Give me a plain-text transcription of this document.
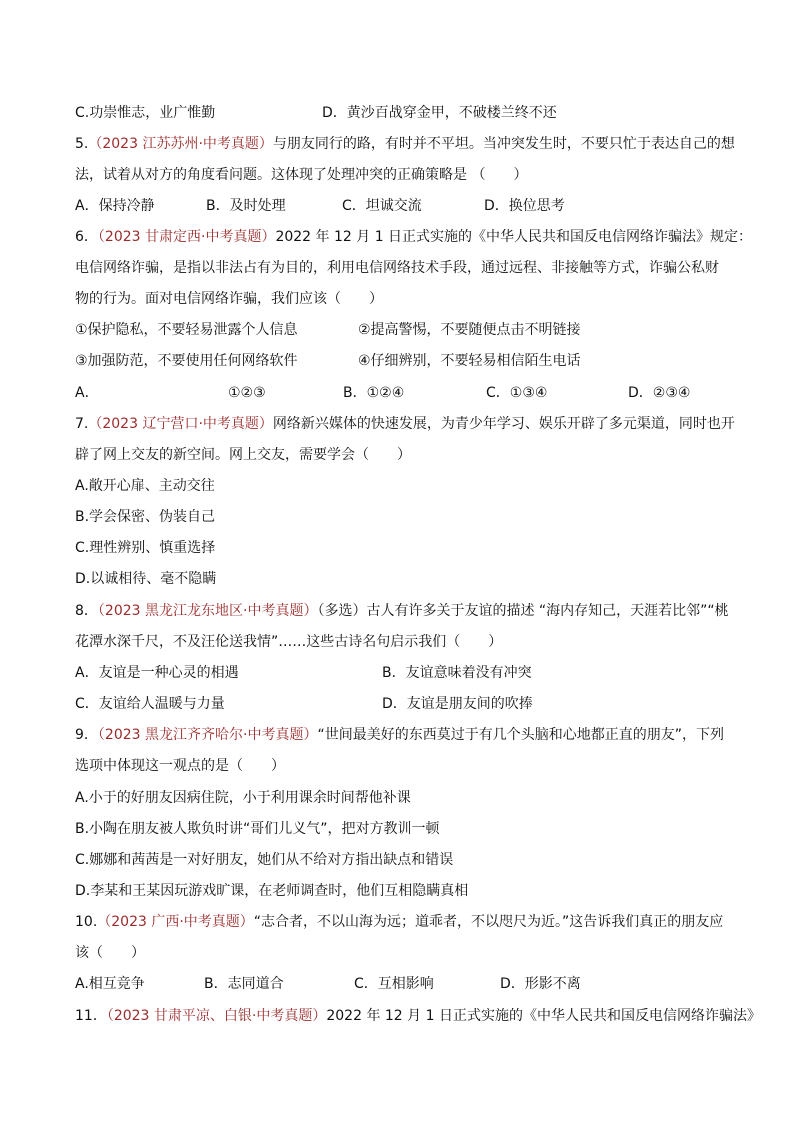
C.功崇惟志，业广惟勤	D．黄沙百战穿金甲，不破楼兰终不还
5.（2023 江苏苏州·中考真题）与朋友同行的路，有时并不平坦。当冲突发生时，不要只忙于表达自己的想
法，试着从对方的角度看问题。这体现了处理冲突的正确策略是 （　　）
A．保持冷静	B．及时处理	C．坦诚交流	D．换位思考
6．（2023 甘肃定西·中考真题）2022 年 12 月 1 日正式实施的《中华人民共和国反电信网络诈骗法》规定：
电信网络诈骗，是指以非法占有为目的，利用电信网络技术手段，通过远程、非接触等方式，诈骗公私财
物的行为。面对电信网络诈骗，我们应该（　　）
①保护隐私，不要轻易泄露个人信息	②提高警惕，不要随便点击不明链接
③加强防范，不要使用任何网络软件	④仔细辨别，不要轻易相信陌生电话
A．	①②③	B．①②④	C．①③④	D．②③④
7.（2023 辽宁营口·中考真题）网络新兴媒体的快速发展，为青少年学习、娱乐开辟了多元渠道，同时也开
辟了网上交友的新空间。网上交友，需要学会（　　）
A.敞开心扉、主动交往
B.学会保密、伪装自己
C.理性辨别、慎重选择
D.以诚相待、毫不隐瞒
8．（2023 黑龙江龙东地区·中考真题）（多选）古人有许多关于友谊的描述 “海内存知己，天涯若比邻”“桃
花潭水深千尺，不及汪伦送我情”……这些古诗名句启示我们（　　）
A．友谊是一种心灵的相遇	B．友谊意味着没有冲突
C．友谊给人温暖与力量	D．友谊是朋友间的吹捧
9．（2023 黑龙江齐齐哈尔·中考真题）“世间最美好的东西莫过于有几个头脑和心地都正直的朋友”，下列
选项中体现这一观点的是（　　）
A.小于的好朋友因病住院，小于利用课余时间帮他补课
B.小陶在朋友被人欺负时讲“哥们儿义气”，把对方教训一顿
C.娜娜和茜茜是一对好朋友，她们从不给对方指出缺点和错误
D.李某和王某因玩游戏旷课，在老师调查时，他们互相隐瞒真相
10.（2023 广西·中考真题）“志合者，不以山海为远；道乖者，不以咫尺为近。”这告诉我们真正的朋友应
该（　　）
A.相互竞争	B．志同道合	C．互相影响	D．形影不离
11．（2023 甘肃平凉、白银·中考真题）2022 年 12 月 1 日正式实施的《中华人民共和国反电信网络诈骗法》
